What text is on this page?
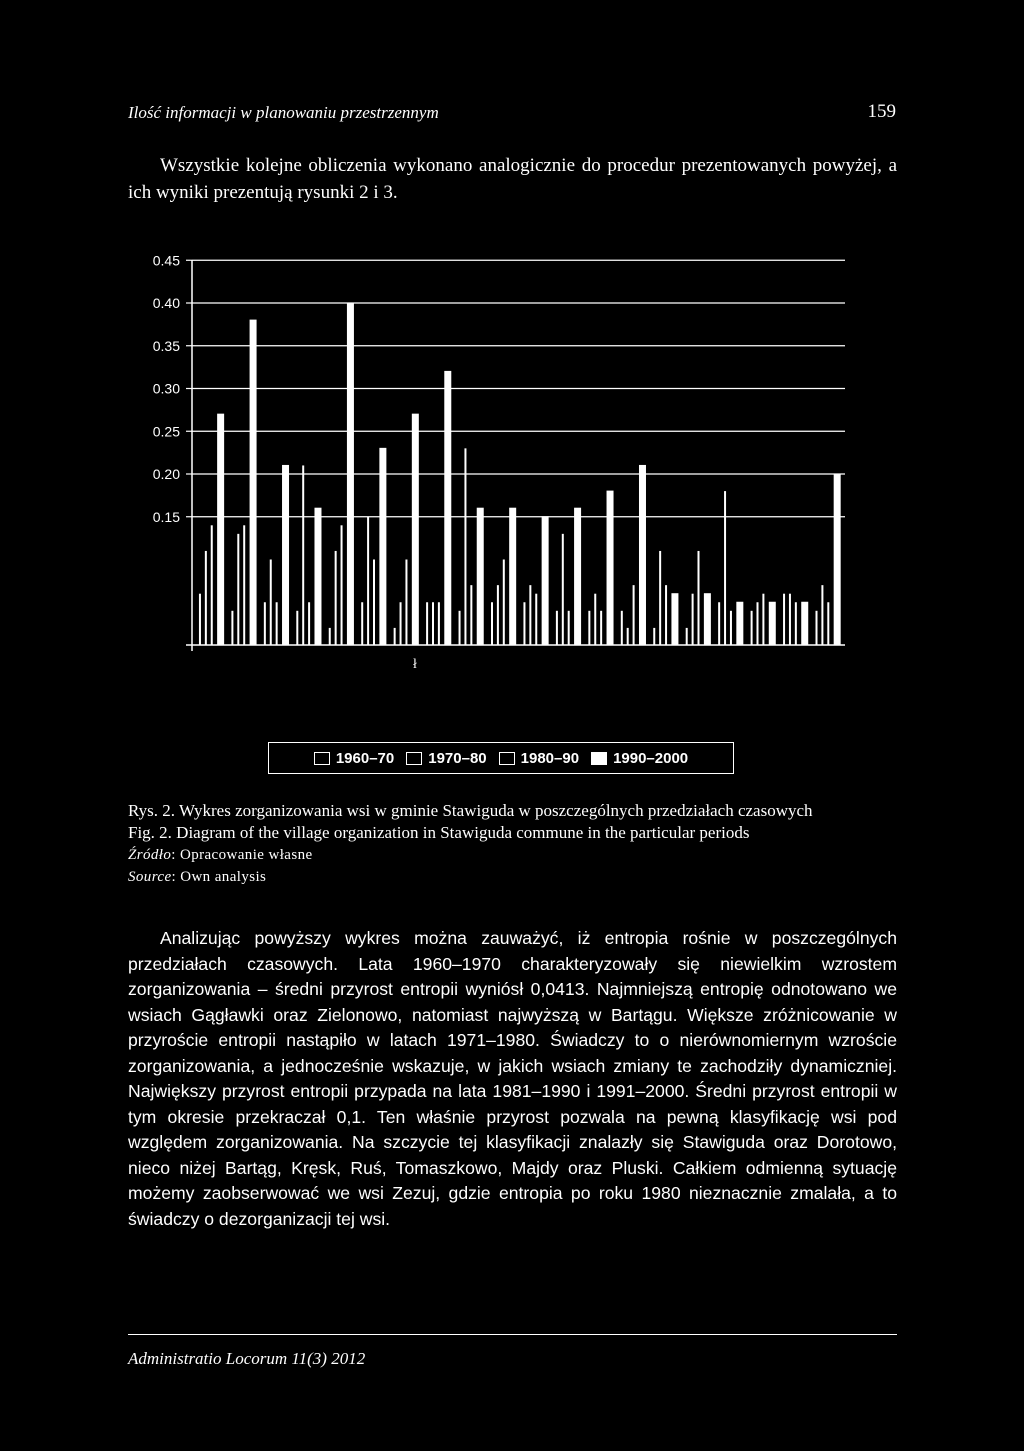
Ilość informacji w planowaniu przestrzennym	159
Wszystkie kolejne obliczenia wykonano analogicznie do procedur prezentowanych powyżej, a ich wyniki prezentują rysunki 2 i 3.
0.45
0.40
0.35
0.30
0.25
0.20
0.15
ł
1960–70 1970–80 1980–90 1990–2000
Rys. 2. Wykres zorganizowania wsi w gminie Stawiguda w poszczególnych przedziałach czasowych
Fig. 2. Diagram of the village organization in Stawiguda commune in the particular periods
Źródło: Opracowanie własne
Source: Own analysis
Analizując powyższy wykres można zauważyć, iż entropia rośnie w poszczególnych przedziałach czasowych. Lata 1960–1970 charakteryzowały się niewielkim wzrostem zorganizowania – średni przyrost entropii wyniósł 0,0413. Najmniejszą entropię odnotowano we wsiach Gągławki oraz Zielonowo, natomiast najwyższą w Bartągu. Większe zróżnicowanie w przyroście entropii nastąpiło w latach 1971–1980. Świadczy to o nierównomiernym wzroście zorganizowania, a jednocześnie wskazuje, w jakich wsiach zmiany te zachodziły dynamiczniej. Największy przyrost entropii przypada na lata 1981–1990 i 1991–2000. Średni przyrost entropii w tym okresie przekraczał 0,1. Ten właśnie przyrost pozwala na pewną klasyfikację wsi pod względem zorganizowania. Na szczycie tej klasyfikacji znalazły się Stawiguda oraz Dorotowo, nieco niżej Bartąg, Kręsk, Ruś, Tomaszkowo, Majdy oraz Pluski. Całkiem odmienną sytuację możemy zaobserwować we wsi Zezuj, gdzie entropia po roku 1980 nieznacznie zmalała, a to świadczy o dezorganizacji tej wsi.
Administratio Locorum 11(3) 2012
